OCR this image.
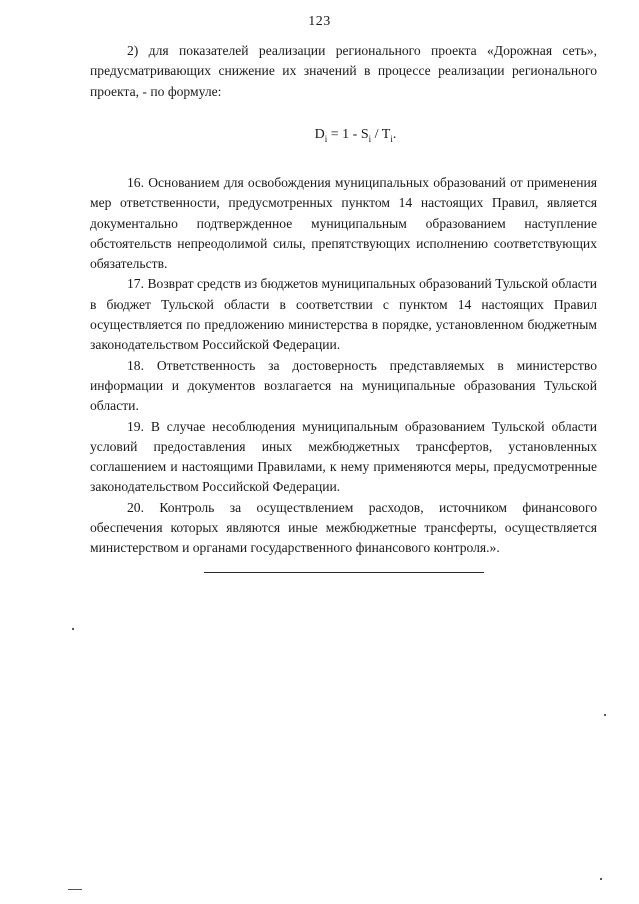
123

2) для показателей реализации регионального проекта «Дорожная сеть», предусматривающих снижение их значений в процессе реализации регионального проекта, - по формуле:

$D_i = 1 - S_i / T_i$.

16. Основанием для освобождения муниципальных образований от применения мер ответственности, предусмотренных пунктом 14 настоящих Правил, является документально подтвержденное муниципальным образованием наступление обстоятельств непреодолимой силы, препятствующих исполнению соответствующих обязательств.

17. Возврат средств из бюджетов муниципальных образований Тульской области в бюджет Тульской области в соответствии с пунктом 14 настоящих Правил осуществляется по предложению министерства в порядке, установленном бюджетным законодательством Российской Федерации.

18. Ответственность за достоверность представляемых в министерство информации и документов возлагается на муниципальные образования Тульской области.

19. В случае несоблюдения муниципальным образованием Тульской области условий предоставления иных межбюджетных трансфертов, установленных соглашением и настоящими Правилами, к нему применяются меры, предусмотренные законодательством Российской Федерации.

20. Контроль за осуществлением расходов, источником финансового обеспечения которых являются иные межбюджетные трансферты, осуществляется министерством и органами государственного финансового контроля.».
